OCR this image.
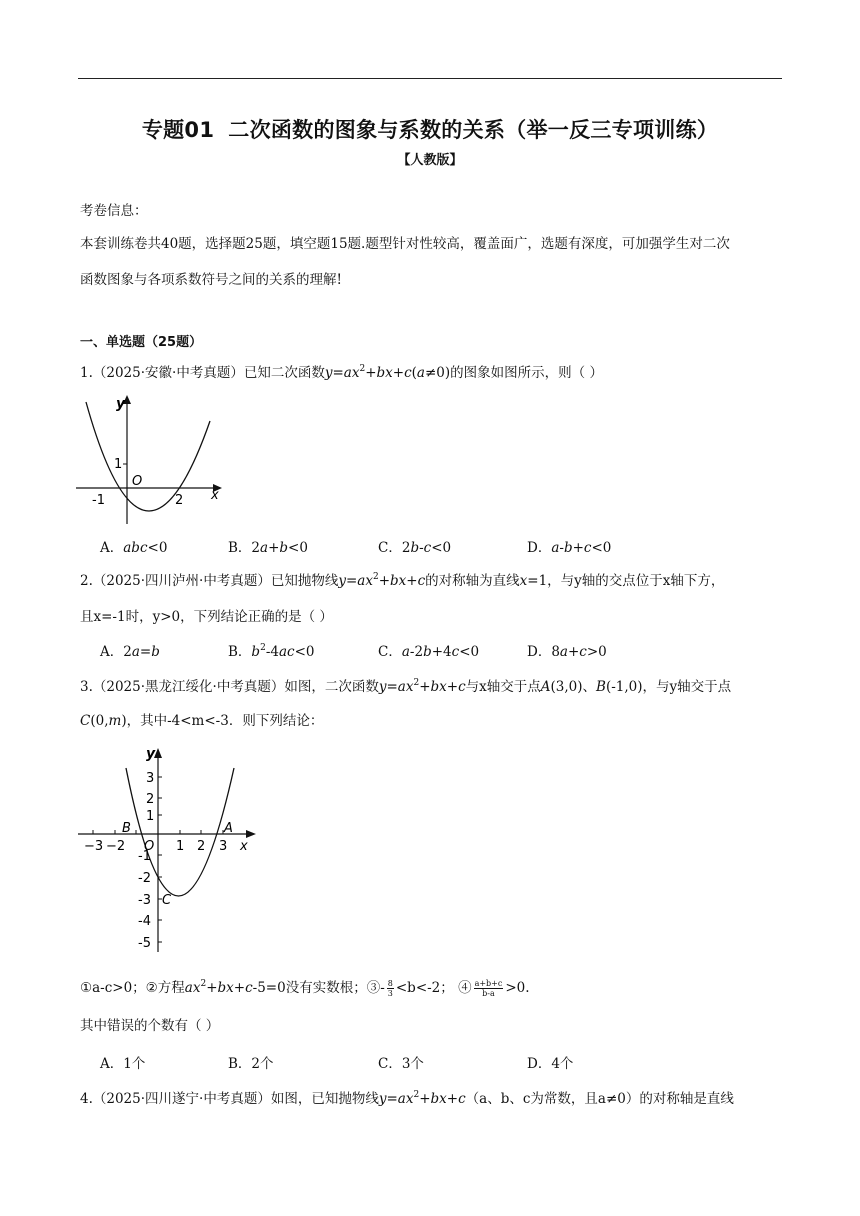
专题01 二次函数的图象与系数的关系（举一反三专项训练）
【人教版】
考卷信息：
本套训练卷共40题，选择题25题，填空题15题.题型针对性较高，覆盖面广，选题有深度，可加强学生对二次
函数图象与各项系数符号之间的关系的理解!
一、单选题（25题）
1.（2025·安徽·中考真题）已知二次函数$y=ax^2+bx+c(a\ne 0)$的图象如图所示，则（ ）
y
x
O
1
-1	2
A．abc<0	B．2a+b<0	C．2b-c<0	D．a-b+c<0
2.（2025·四川泸州·中考真题）已知抛物线$y=ax^2+bx+c$的对称轴为直线x=1，与y轴的交点位于x轴下方，
且x=-1时，y>0，下列结论正确的是（ ）
A．2a=b	B．$b^2-4ac<0$	C．a-2b+4c<0	D．8a+c>0
3.（2025·黑龙江绥化·中考真题）如图，二次函数$y=ax^2+bx+c$与x轴交于点A(3,0)、B(-1,0)，与y轴交于点
C(0,m)，其中-4<m<-3．则下列结论：
y
x
O
A
B
C
3
2
1
-1
-2
-3
-4
-5
−3 −2	1 2 3
①a-c>0；②方程$ax^2+bx+c-5=0$没有实数根；③- $\frac{8}{3} <b<-2$； ④ $\frac{a+b+c}{b-a} >0$.
其中错误的个数有（ ）
A．1个	B．2个	C．3个	D．4个
4.（2025·四川遂宁·中考真题）如图，已知抛物线$y=ax^2+bx+c(a$、b、c为常数，且a≠0）的对称轴是直线
